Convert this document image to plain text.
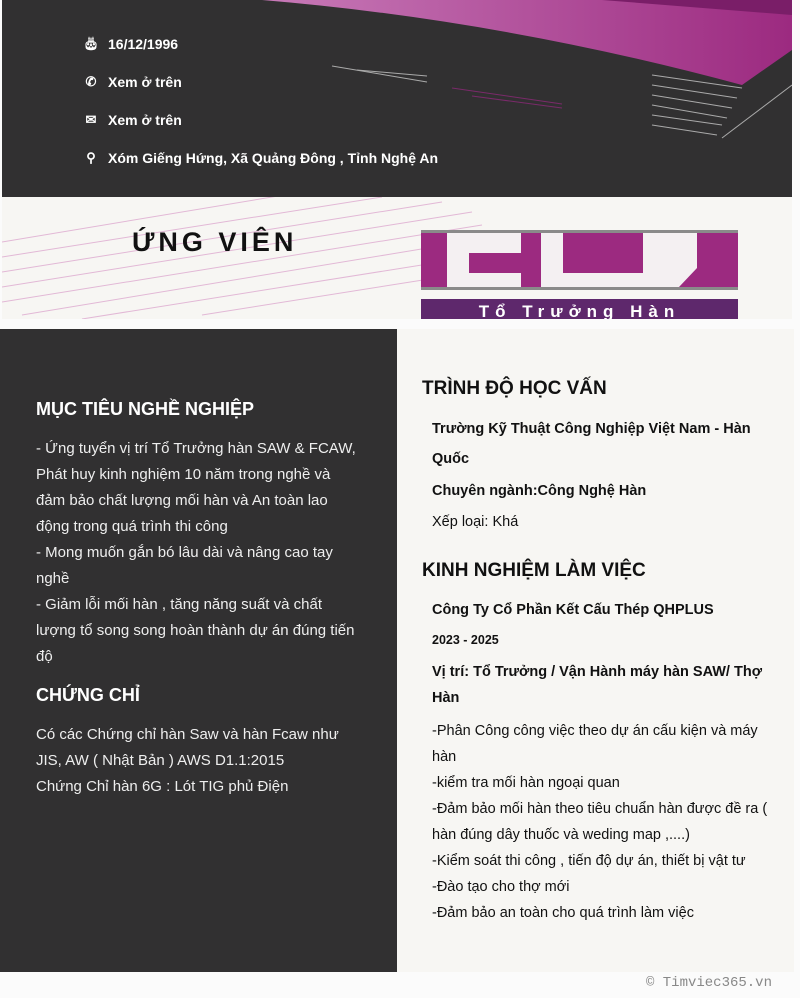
🎂︎ 16/12/1996
✆ Xem ở trên
✉ Xem ở trên
⚲ Xóm Giếng Hứng, Xã Quảng Đông , Tỉnh Nghệ An
ỨNG VIÊN
Tổ Trưởng Hàn
MỤC TIÊU NGHỀ NGHIỆP
- Ứng tuyển vị trí Tổ Trưởng hàn SAW & FCAW, Phát huy kinh nghiệm 10 năm trong nghề và đảm bảo chất lượng mối hàn và An toàn lao động trong quá trình thi công
- Mong muốn gắn bó lâu dài và nâng cao tay nghề
- Giảm lỗi mối hàn , tăng năng suất và chất lượng tổ song song hoàn thành dự án đúng tiến độ
CHỨNG CHỈ
Có các Chứng chỉ hàn Saw và hàn Fcaw như JIS, AW ( Nhật Bản ) AWS D1.1:2015
Chứng Chỉ hàn 6G : Lót TIG phủ Điện
TRÌNH ĐỘ HỌC VẤN
Trường Kỹ Thuật Công Nghiệp Việt Nam - Hàn Quốc
Chuyên ngành:Công Nghệ Hàn
Xếp loại: Khá
KINH NGHIỆM LÀM VIỆC
Công Ty Cổ Phần Kết Cấu Thép QHPLUS
2023 - 2025
Vị trí: Tổ Trưởng / Vận Hành máy hàn SAW/ Thợ Hàn
-Phân Công công việc theo dự án cấu kiện và máy hàn
-kiểm tra mối hàn ngoại quan
-Đảm bảo mối hàn theo tiêu chuẩn hàn được đề ra ( hàn đúng dây thuốc và weding map ,....)
-Kiểm soát thi công , tiến độ dự án, thiết bị vật tư
-Đào tạo cho thợ mới
-Đảm bảo an toàn cho quá trình làm việc
© Timviec365.vn
